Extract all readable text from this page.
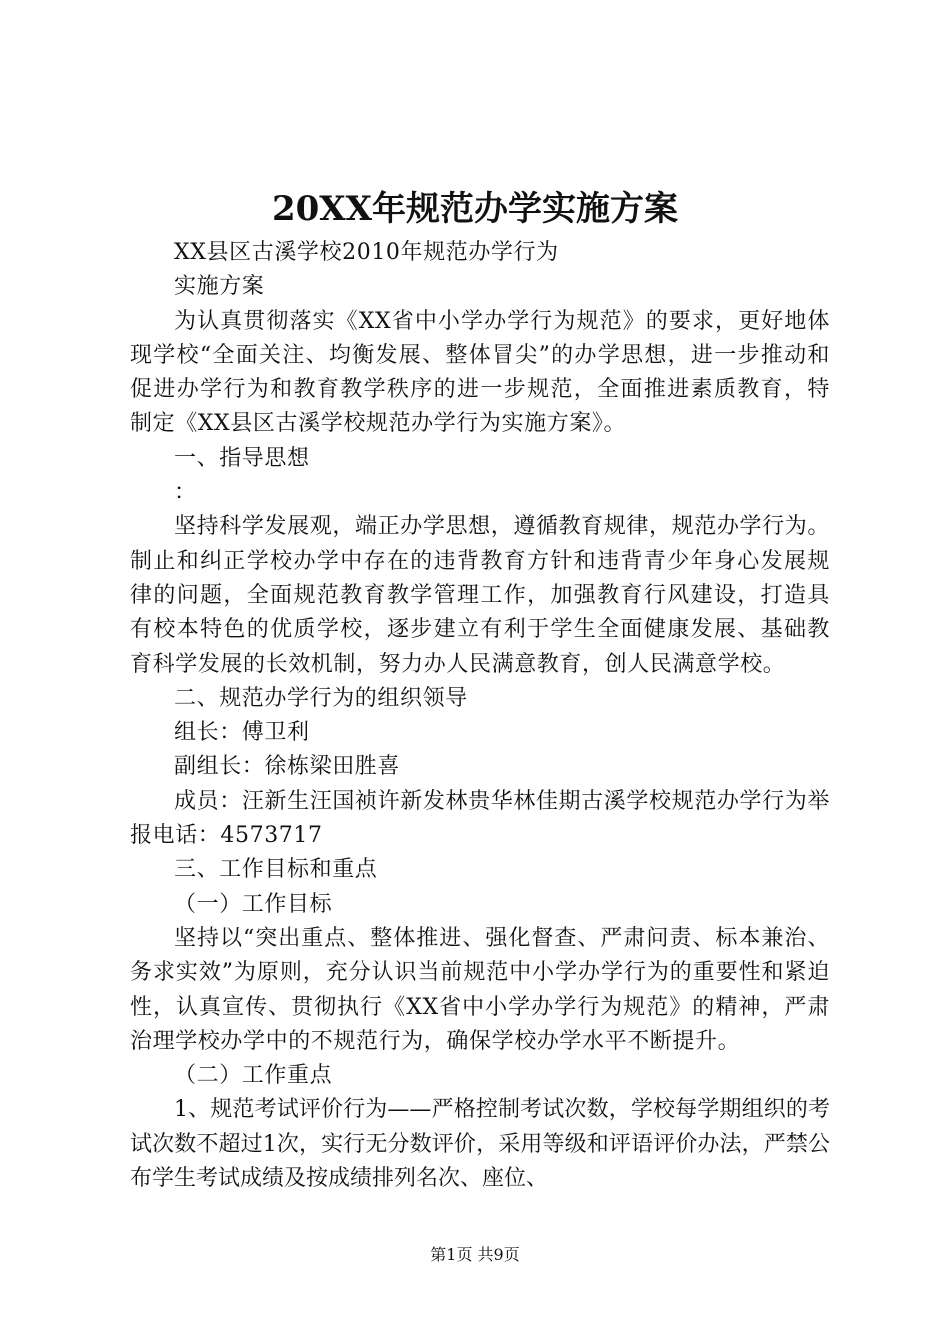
20XX年规范办学实施方案

XX县区古溪学校2010年规范办学行为

实施方案

为认真贯彻落实《XX省中小学办学行为规范》的要求，更好地体现学校“全面关注、均衡发展、整体冒尖”的办学思想，进一步推动和促进办学行为和教育教学秩序的进一步规范，全面推进素质教育，特制定《XX县区古溪学校规范办学行为实施方案》。

一、指导思想

：

坚持科学发展观，端正办学思想，遵循教育规律，规范办学行为。制止和纠正学校办学中存在的违背教育方针和违背青少年身心发展规律的问题，全面规范教育教学管理工作，加强教育行风建设，打造具有校本特色的优质学校，逐步建立有利于学生全面健康发展、基础教育科学发展的长效机制，努力办人民满意教育，创人民满意学校。

二、规范办学行为的组织领导

组长：傅卫利

副组长：徐栋梁田胜喜

成员：汪新生汪国祯许新发林贵华林佳期古溪学校规范办学行为举报电话：4573717

三、工作目标和重点

（一）工作目标

坚持以“突出重点、整体推进、强化督查、严肃问责、标本兼治、务求实效”为原则，充分认识当前规范中小学办学行为的重要性和紧迫性，认真宣传、贯彻执行《XX省中小学办学行为规范》的精神，严肃治理学校办学中的不规范行为，确保学校办学水平不断提升。

（二）工作重点

1、规范考试评价行为——严格控制考试次数，学校每学期组织的考试次数不超过1次，实行无分数评价，采用等级和评语评价办法，严禁公布学生考试成绩及按成绩排列名次、座位、

第1页 共9页
